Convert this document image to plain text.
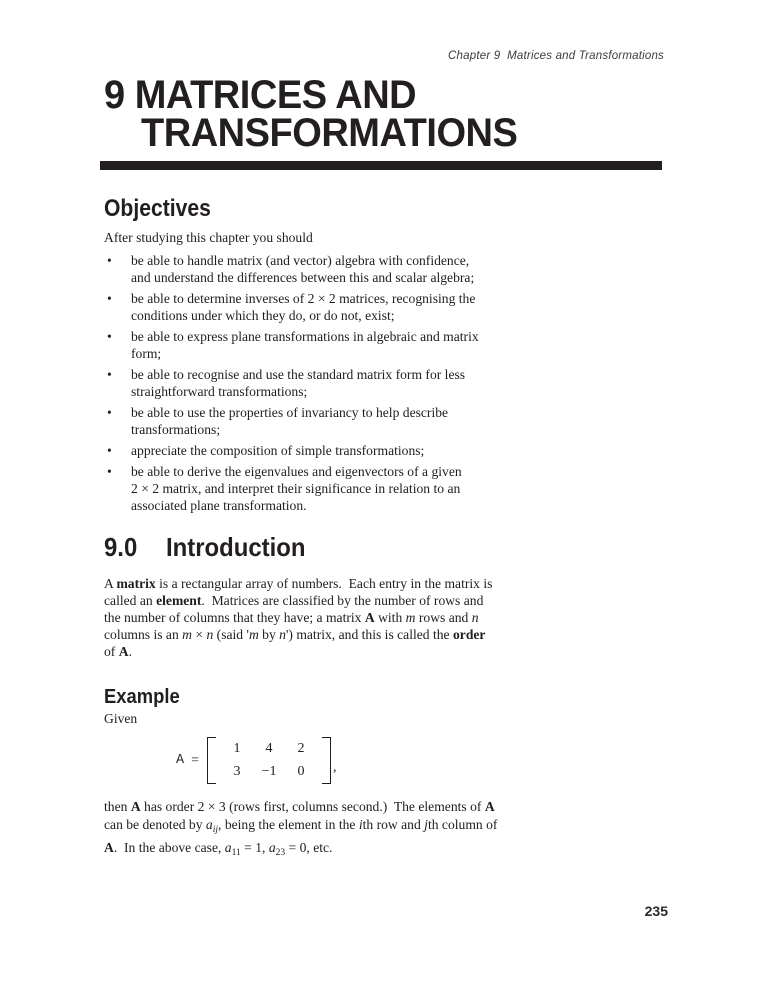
Chapter 9  Matrices and Transformations
9 MATRICES AND
TRANSFORMATIONS
Objectives

After studying this chapter you should

• be able to handle matrix (and vector) algebra with confidence, and understand the differences between this and scalar algebra;
• be able to determine inverses of 2 × 2 matrices, recognising the conditions under which they do, or do not, exist;
• be able to express plane transformations in algebraic and matrix form;
• be able to recognise and use the standard matrix form for less straightforward transformations;
• be able to use the properties of invariancy to help describe transformations;
• appreciate the composition of simple transformations;
• be able to derive the eigenvalues and eigenvectors of a given 2 × 2 matrix, and interpret their significance in relation to an associated plane transformation.
9.0 Introduction

A matrix is a rectangular array of numbers.  Each entry in the matrix is called an element.  Matrices are classified by the number of rows and the number of columns that they have; a matrix A with m rows and n columns is an m × n (said 'm by n') matrix, and this is called the order of A.

Example

Given

A =
1	4	2
3	−1	0	,

then A has order 2 × 3 (rows first, columns second.)  The elements of A can be denoted by $a_{ij}$, being the element in the ith row and jth column of A.  In the above case, $a_{11} = 1$, $a_{23} = 0$, etc.

235
